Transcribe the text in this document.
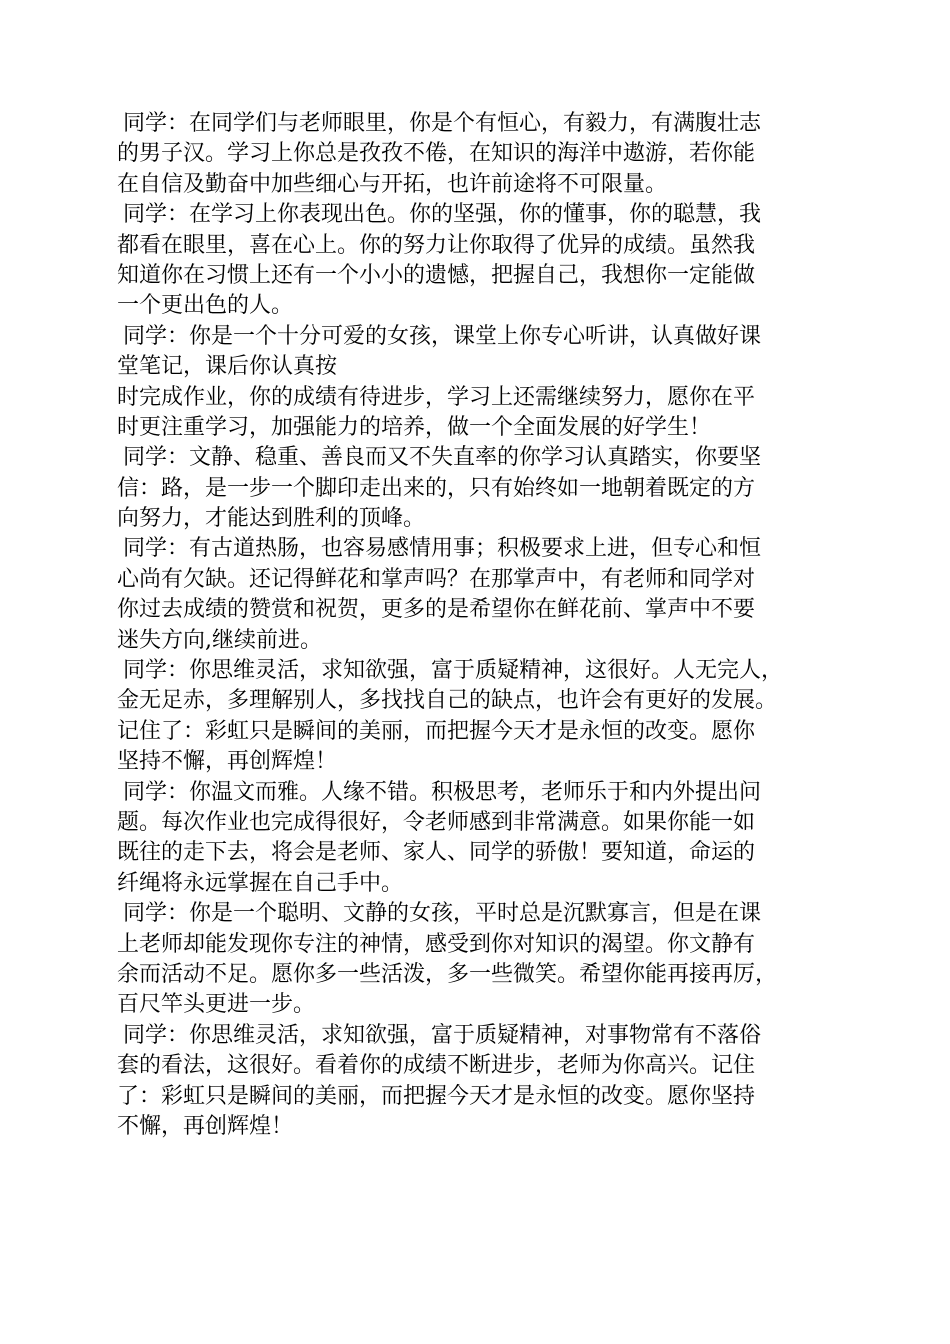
同学：在同学们与老师眼里，你是个有恒心，有毅力，有满腹壮志
的男子汉。学习上你总是孜孜不倦，在知识的海洋中遨游，若你能
在自信及勤奋中加些细心与开拓，也许前途将不可限量。
同学：在学习上你表现出色。你的坚强，你的懂事，你的聪慧，我
都看在眼里，喜在心上。你的努力让你取得了优异的成绩。虽然我
知道你在习惯上还有一个小小的遗憾，把握自己，我想你一定能做
一个更出色的人。
同学：你是一个十分可爱的女孩，课堂上你专心听讲，认真做好课
堂笔记，课后你认真按
时完成作业，你的成绩有待进步，学习上还需继续努力，愿你在平
时更注重学习，加强能力的培养，做一个全面发展的好学生！
同学：文静、稳重、善良而又不失直率的你学习认真踏实，你要坚
信：路，是一步一个脚印走出来的，只有始终如一地朝着既定的方
向努力，才能达到胜利的顶峰。
同学：有古道热肠，也容易感情用事；积极要求上进，但专心和恒
心尚有欠缺。还记得鲜花和掌声吗？在那掌声中，有老师和同学对
你过去成绩的赞赏和祝贺，更多的是希望你在鲜花前、掌声中不要
迷失方向,继续前进。
同学：你思维灵活，求知欲强，富于质疑精神，这很好。人无完人，
金无足赤，多理解别人，多找找自己的缺点，也许会有更好的发展。
记住了：彩虹只是瞬间的美丽，而把握今天才是永恒的改变。愿你
坚持不懈，再创辉煌！
同学：你温文而雅。人缘不错。积极思考，老师乐于和内外提出问
题。每次作业也完成得很好，令老师感到非常满意。如果你能一如
既往的走下去，将会是老师、家人、同学的骄傲！要知道，命运的
纤绳将永远掌握在自己手中。
同学：你是一个聪明、文静的女孩，平时总是沉默寡言，但是在课
上老师却能发现你专注的神情，感受到你对知识的渴望。你文静有
余而活动不足。愿你多一些活泼，多一些微笑。希望你能再接再厉，
百尺竿头更进一步。
同学：你思维灵活，求知欲强，富于质疑精神，对事物常有不落俗
套的看法，这很好。看着你的成绩不断进步，老师为你高兴。记住
了：彩虹只是瞬间的美丽，而把握今天才是永恒的改变。愿你坚持
不懈，再创辉煌！
